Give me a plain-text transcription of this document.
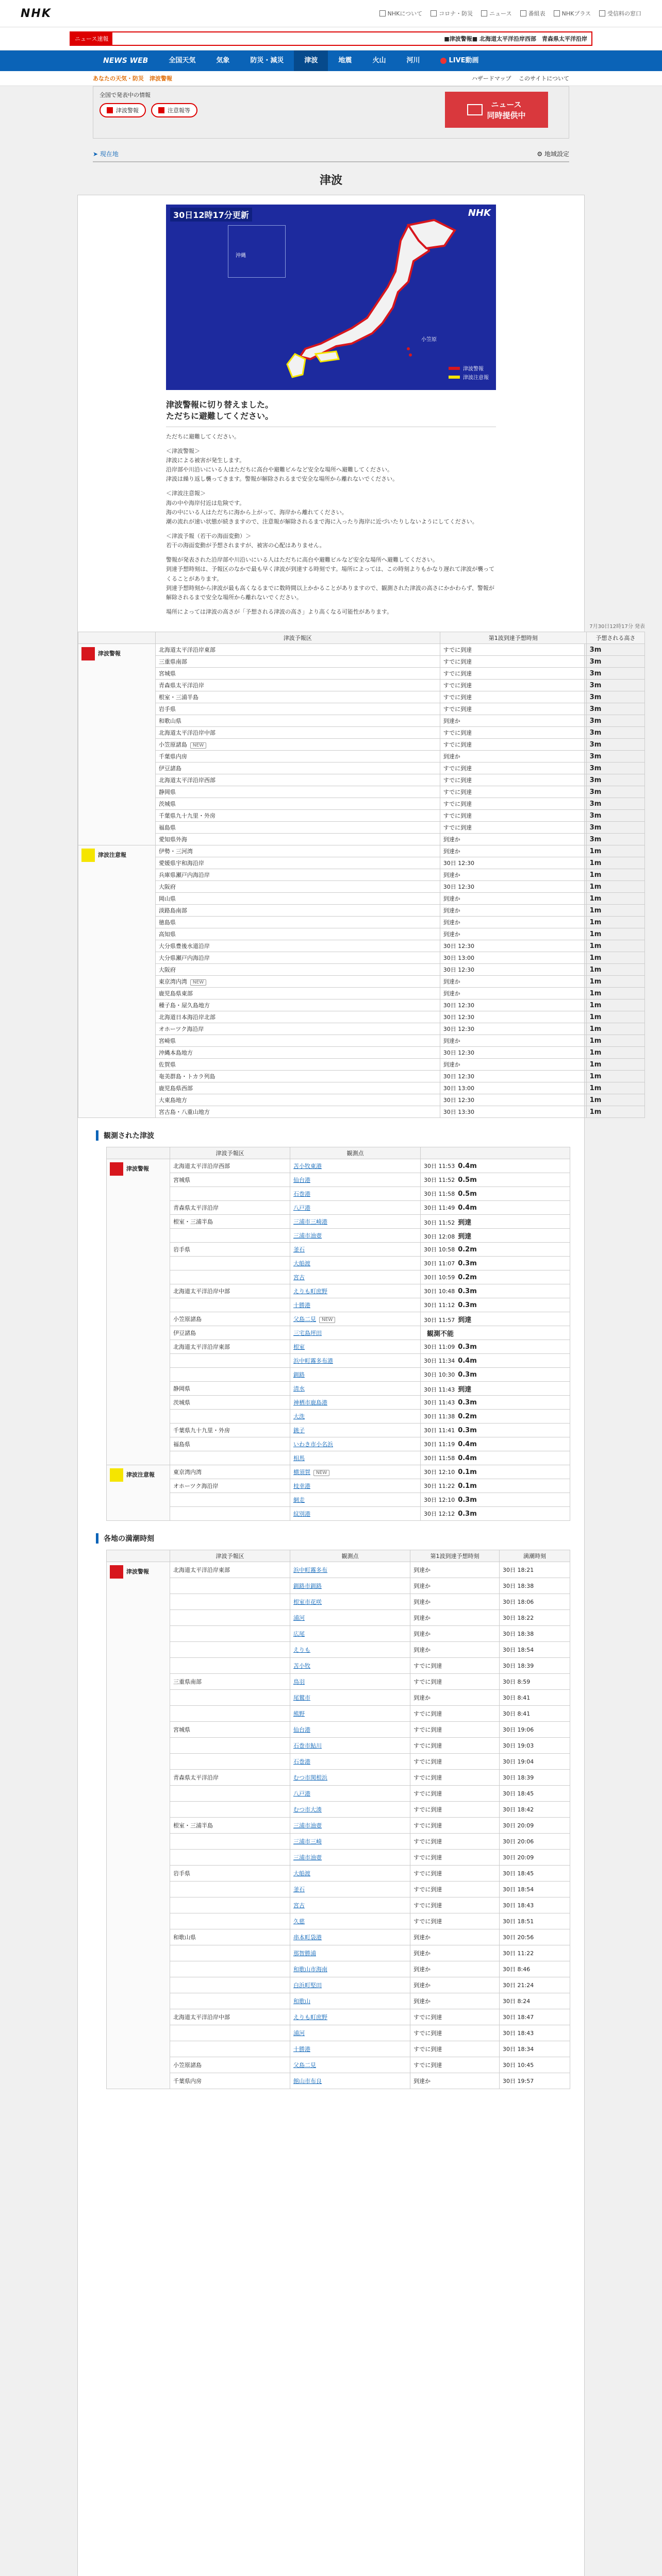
NHK	NHKについて	コロナ・防災	ニュース	番組表	NHKプラス	受信料の窓口
ニュース速報	■津波警報■ 北海道太平洋沿岸西部　青森県太平洋沿岸
NEWS WEB	全国天気	気象	防災・減災	津波	地震	火山	河川	LIVE動画
あなたの天気・防災　津波警報	ハザードマップ　 このサイトについて
全国で発表中の情報
津波警報	注意報等
ニュース
同時提供中
➤ 現在地	⚙ 地域設定
津波
30日12時17分更新	NHK
沖縄
小笠原
津波警報
津波注意報
津波警報に切り替えました。
ただちに避難してください。

ただちに避難してください。

＜津波警報＞
津波による被害が発生します。
沿岸部や川沿いにいる人はただちに高台や避難ビルなど安全な場所へ避難してください。
津波は繰り返し襲ってきます。警報が解除されるまで安全な場所から離れないでください。

＜津波注意報＞
海の中や海岸付近は危険です。
海の中にいる人はただちに海から上がって、海岸から離れてください。
潮の流れが速い状態が続きますので、注意報が解除されるまで海に入ったり海岸に近づいたりしないようにしてください。

＜津波予報（若干の海面変動）＞
若干の海面変動が予想されますが、被害の心配はありません。

警報が発表された沿岸部や川沿いにいる人はただちに高台や避難ビルなど安全な場所へ避難してください。
到達予想時刻は、予報区のなかで最も早く津波が到達する時刻です。場所によっては、この時刻よりもかなり遅れて津波が襲ってくることがあります。
到達予想時刻から津波が最も高くなるまでに数時間以上かかることがありますので、観測された津波の高さにかかわらず、警報が解除されるまで安全な場所から離れないでください。

場所によっては津波の高さが「予想される津波の高さ」より高くなる可能性があります。

7月30日12時17分 発表
	津波予報区	第1波到達予想時刻	予想される高さ

津波警報	北海道太平洋沿岸東部	すでに到達	3m
	三重県南部	すでに到達	3m
	宮城県	すでに到達	3m
	青森県太平洋沿岸	すでに到達	3m
	根室・三浦半島	すでに到達	3m
	岩手県	すでに到達	3m
	和歌山県	到達か	3m
	北海道太平洋沿岸中部	すでに到達	3m
	小笠原諸島 NEW	すでに到達	3m
	千葉県内房	到達か	3m
	伊豆諸島	すでに到達	3m
	北海道太平洋沿岸西部	すでに到達	3m
	静岡県	すでに到達	3m
	茨城県	すでに到達	3m
	千葉県九十九里・外房	すでに到達	3m
	福島県	すでに到達	3m
	愛知県外海	到達か	3m

津波注意報	伊勢・三河湾	到達か	1m
	愛媛県宇和海沿岸	30日 12:30	1m
	兵庫県瀬戸内海沿岸	到達か	1m
	大阪府	30日 12:30	1m
	岡山県	到達か	1m
	淡路島南部	到達か	1m
	徳島県	到達か	1m
	高知県	到達か	1m
	大分県豊後水道沿岸	30日 12:30	1m
	大分県瀬戸内海沿岸	30日 13:00	1m
	大阪府	30日 12:30	1m
	東京湾内湾 NEW	到達か	1m
	鹿児島県東部	到達か	1m
	種子島・屋久島地方	30日 12:30	1m
	北海道日本海沿岸北部	30日 12:30	1m
	オホーツク海沿岸	30日 12:30	1m
	宮崎県	到達か	1m
	沖縄本島地方	30日 12:30	1m
	佐賀県	到達か	1m
	奄美群島・トカラ列島	30日 12:30	1m
	鹿児島県西部	30日 13:00	1m
	大東島地方	30日 12:30	1m
	宮古島・八重山地方	30日 13:30	1m
観測された津波
	津波予報区	観測点	

津波警報	北海道太平洋沿岸西部	苫小牧東港	30日 11:53 0.4m
	宮城県	仙台港	30日 11:52 0.5m
		石巻港	30日 11:58 0.5m
	青森県太平洋沿岸	八戸港	30日 11:49 0.4m
	根室・三浦半島	三浦市三崎港	30日 11:52 到達
		三浦市油壺	30日 12:08 到達
	岩手県	釜石	30日 10:58 0.2m
		大船渡	30日 11:07 0.3m
		宮古	30日 10:59 0.2m
	北海道太平洋沿岸中部	えりも町庶野	30日 10:48 0.3m
		十勝港	30日 11:12 0.3m
	小笠原諸島	父島二見 NEW	30日 11:57 到達
	伊豆諸島	三宅島坪田	観測不能
	北海道太平洋沿岸東部	根室	30日 11:09 0.3m
		浜中町霧多布港	30日 11:34 0.4m
		釧路	30日 10:30 0.3m
	静岡県	清水	30日 11:43 到達
	茨城県	神栖市鹿島港	30日 11:43 0.3m
		大洗	30日 11:38 0.2m
	千葉県九十九里・外房	銚子	30日 11:41 0.3m
	福島県	いわき市小名浜	30日 11:19 0.4m
		相馬	30日 11:58 0.4m

津波注意報	東京湾内湾	横須賀 NEW	30日 12:10 0.1m
	オホーツク海沿岸	枝幸港	30日 11:22 0.1m
		網走	30日 12:10 0.3m
		紋別港	30日 12:12 0.3m
各地の満潮時刻
	津波予報区	観測点	第1波到達予想時刻	満潮時刻

津波警報	北海道太平洋沿岸東部	浜中町霧多布	到達か	30日 18:21
		釧路市釧路	到達か	30日 18:38
		根室市花咲	到達か	30日 18:06
		浦河	到達か	30日 18:22
		広尾	到達か	30日 18:38
		えりも	到達か	30日 18:54
		苫小牧	すでに到達	30日 18:39
	三重県南部	鳥羽	すでに到達	30日 8:59
		尾鷲市	到達か	30日 8:41
		熊野	すでに到達	30日 8:41
	宮城県	仙台港	すでに到達	30日 19:06
		石巻市鮎川	すでに到達	30日 19:03
		石巻港	すでに到達	30日 19:04
	青森県太平洋沿岸	むつ市関根浜	すでに到達	30日 18:39
		八戸港	すでに到達	30日 18:45
		むつ市大湊	すでに到達	30日 18:42
	根室・三浦半島	三浦市油壺	すでに到達	30日 20:09
		三浦市三崎	すでに到達	30日 20:06
		三浦市油壺	すでに到達	30日 20:09
	岩手県	大船渡	すでに到達	30日 18:45
		釜石	すでに到達	30日 18:54
		宮古	すでに到達	30日 18:43
		久慈	すでに到達	30日 18:51
	和歌山県	串本町袋港	到達か	30日 20:56
		那智勝浦	到達か	30日 11:22
		和歌山市海南	到達か	30日 8:46
		白浜町堅田	到達か	30日 21:24
		和歌山	到達か	30日 8:24
	北海道太平洋沿岸中部	えりも町庶野	すでに到達	30日 18:47
		浦河	すでに到達	30日 18:43
		十勝港	すでに到達	30日 18:34
	小笠原諸島	父島二見	すでに到達	30日 10:45
	千葉県内房	館山市布良	到達か	30日 19:57
